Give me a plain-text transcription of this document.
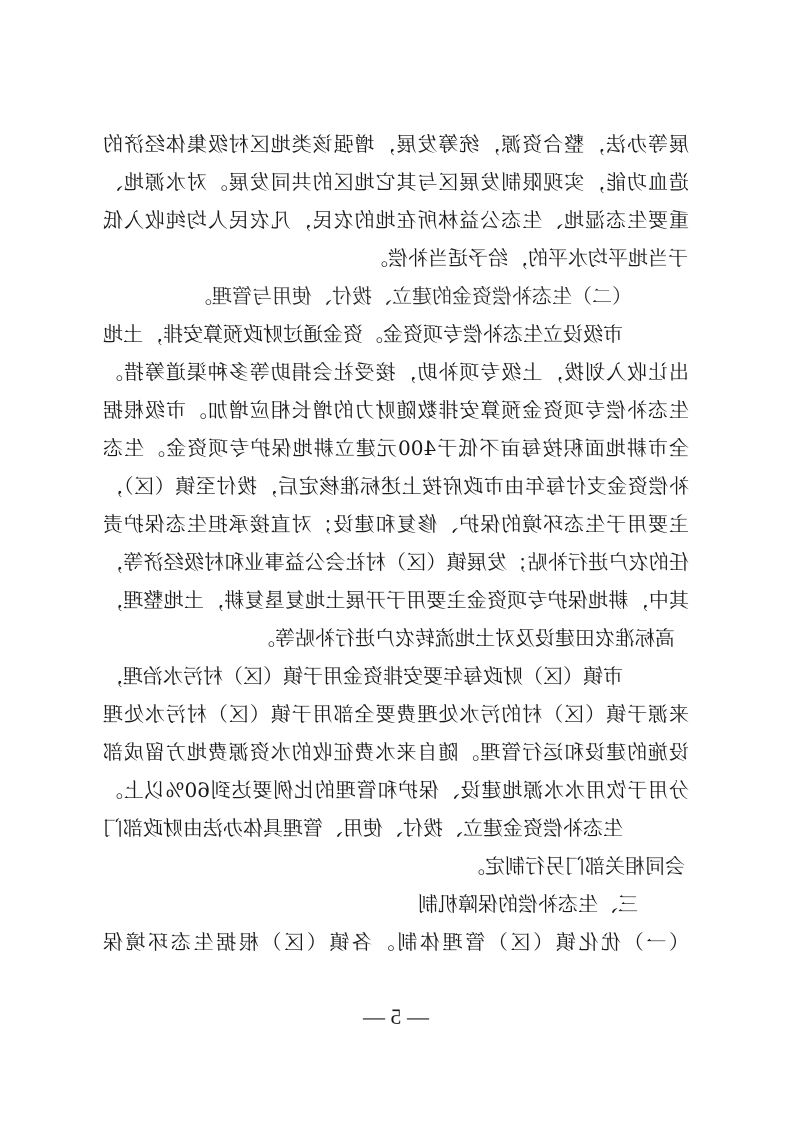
展等办法，整合资源，统筹发展，增强该类地区村级集体经济的
造血功能，实现限制发展区与其它地区的共同发展。对水源地、
重要生态湿地、生态公益林所在地的农民，凡农民人均纯收入低
于当地平均水平的，给予适当补偿。
（二）生态补偿资金的建立、拨付、使用与管理。
市级设立生态补偿专项资金。资金通过财政预算安排，土地
出让收入划拨，上级专项补助，接受社会捐助等多种渠道筹措。
生态补偿专项资金预算安排数随财力的增长相应增加。市级根据
全市耕地面积按每亩不低于400元建立耕地保护专项资金。生态
补偿资金支付每年由市政府按上述标准核定后，拨付至镇（区），
主要用于生态环境的保护、修复和建设；对直接承担生态保护责
任的农户进行补贴；发展镇（区）村社会公益事业和村级经济等，
其中，耕地保护专项资金主要用于开展土地复垦复耕，土地整理，
高标准农田建设及对土地流转农户进行补贴等。
市镇（区）财政每年要安排资金用于镇（区）村污水治理，
来源于镇（区）村的污水处理费要全部用于镇（区）村污水处理
设施的建设和运行管理。随自来水费征收的水资源费地方留成部
分用于饮用水水源地建设、保护和管理的比例要达到60%以上。
生态补偿资金建立、拨付、使用、管理具体办法由财政部门
会同相关部门另行制定。
三、生态补偿的保障机制
（一）优化镇（区）管理体制。各镇（区）根据生态环境保
— 5 —
